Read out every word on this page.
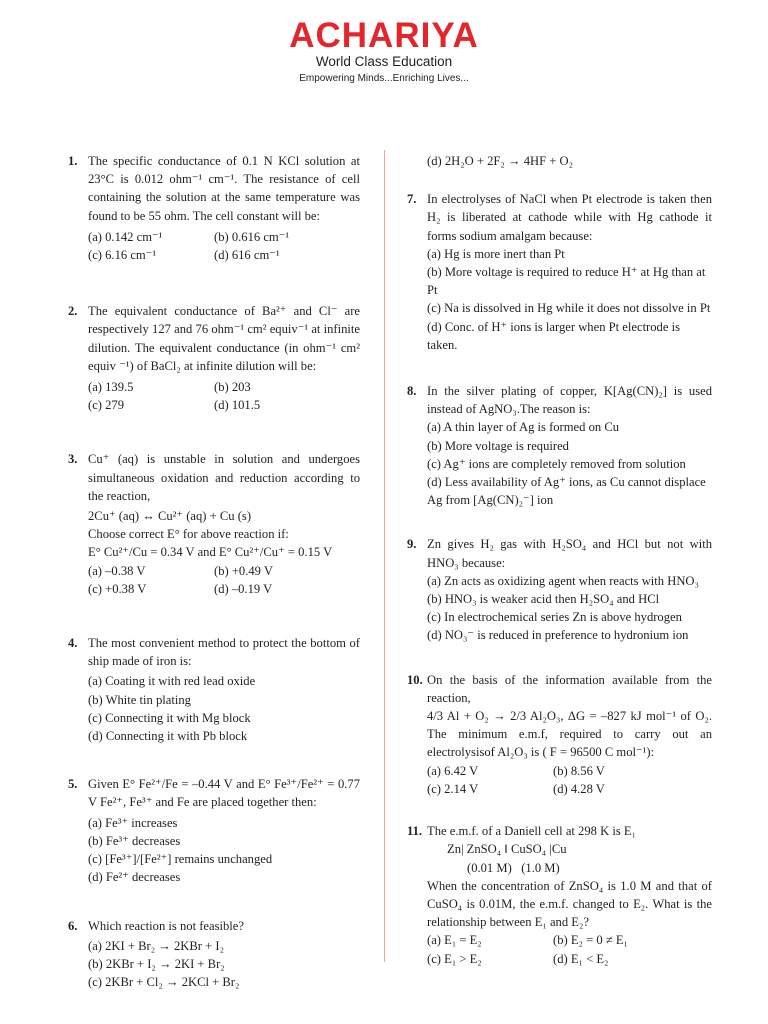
ACHARIYA
World Class Education
Empowering Minds...Enriching Lives...
1. The specific conductance of 0.1 N KCl solution at 23°C is 0.012 ohm⁻¹ cm⁻¹. The resistance of cell containing the solution at the same temperature was found to be 55 ohm. The cell constant will be:
(a) 0.142 cm⁻¹	(b) 0.616 cm⁻¹
(c) 6.16 cm⁻¹	(d) 616 cm⁻¹
2. The equivalent conductance of Ba²⁺ and Cl⁻ are respectively 127 and 76 ohm⁻¹ cm² equiv⁻¹ at infinite dilution. The equivalent conductance (in ohm⁻¹ cm² equiv ⁻¹) of BaCl₂ at infinite dilution will be:
(a) 139.5	(b) 203
(c) 279	(d) 101.5
3. Cu⁺ (aq) is unstable in solution and undergoes simultaneous oxidation and reduction according to the reaction,
2Cu⁺ (aq) ↔ Cu²⁺ (aq) + Cu (s)
Choose correct E° for above reaction if:
E° Cu²⁺/Cu = 0.34 V and E° Cu²⁺/Cu⁺ = 0.15 V
(a) –0.38 V	(b) +0.49 V
(c) +0.38 V	(d) –0.19 V
4. The most convenient method to protect the bottom of ship made of iron is:
(a) Coating it with red lead oxide
(b) White tin plating
(c) Connecting it with Mg block
(d) Connecting it with Pb block
5. Given E° Fe²⁺/Fe = –0.44 V and E° Fe³⁺/Fe²⁺ = 0.77 V Fe²⁺, Fe³⁺ and Fe are placed together then:
(a) Fe³⁺ increases
(b) Fe³⁺ decreases
(c) [Fe³⁺]/[Fe²⁺] remains unchanged
(d) Fe²⁺ decreases
6. Which reaction is not feasible?
(a) 2KI + Br₂ → 2KBr + I₂
(b) 2KBr + I₂ → 2KI + Br₂
(c) 2KBr + Cl₂ → 2KCl + Br₂
(d) 2H₂O + 2F₂ → 4HF + O₂
7. In electrolyses of NaCl when Pt electrode is taken then H₂ is liberated at cathode while with Hg cathode it forms sodium amalgam because:
(a) Hg is more inert than Pt
(b) More voltage is required to reduce H⁺ at Hg than at Pt
(c) Na is dissolved in Hg while it does not dissolve in Pt
(d) Conc. of H⁺ ions is larger when Pt electrode is taken.
8. In the silver plating of copper, K[Ag(CN)₂] is used instead of AgNO₃.The reason is:
(a) A thin layer of Ag is formed on Cu
(b) More voltage is required
(c) Ag⁺ ions are completely removed from solution
(d) Less availability of Ag⁺ ions, as Cu cannot displace Ag from [Ag(CN)₂⁻] ion
9. Zn gives H₂ gas with H₂SO₄ and HCl but not with HNO₃ because:
(a) Zn acts as oxidizing agent when reacts with HNO₃
(b) HNO₃ is weaker acid then H₂SO₄ and HCl
(c) In electrochemical series Zn is above hydrogen
(d) NO₃⁻ is reduced in preference to hydronium ion
10. On the basis of the information available from the reaction,
4/3 Al + O₂ → 2/3 Al₂O₃, ΔG = –827 kJ mol⁻¹ of O₂. The minimum e.m.f, required to carry out an electrolysisof Al₂O₃ is ( F = 96500 C mol⁻¹):
(a) 6.42 V	(b) 8.56 V
(c) 2.14 V	(d) 4.28 V
11. The e.m.f. of a Daniell cell at 298 K is E₁
Zn| ZnSO₄ ‖ CuSO₄ |Cu
(0.01 M)   (1.0 M)
When the concentration of ZnSO₄ is 1.0 M and that of CuSO₄ is 0.01M, the e.m.f. changed to E₂. What is the relationship between E₁ and E₂?
(a) E₁ = E₂	(b) E₂ = 0 ≠ E₁
(c) E₁ > E₂	(d) E₁ < E₂
